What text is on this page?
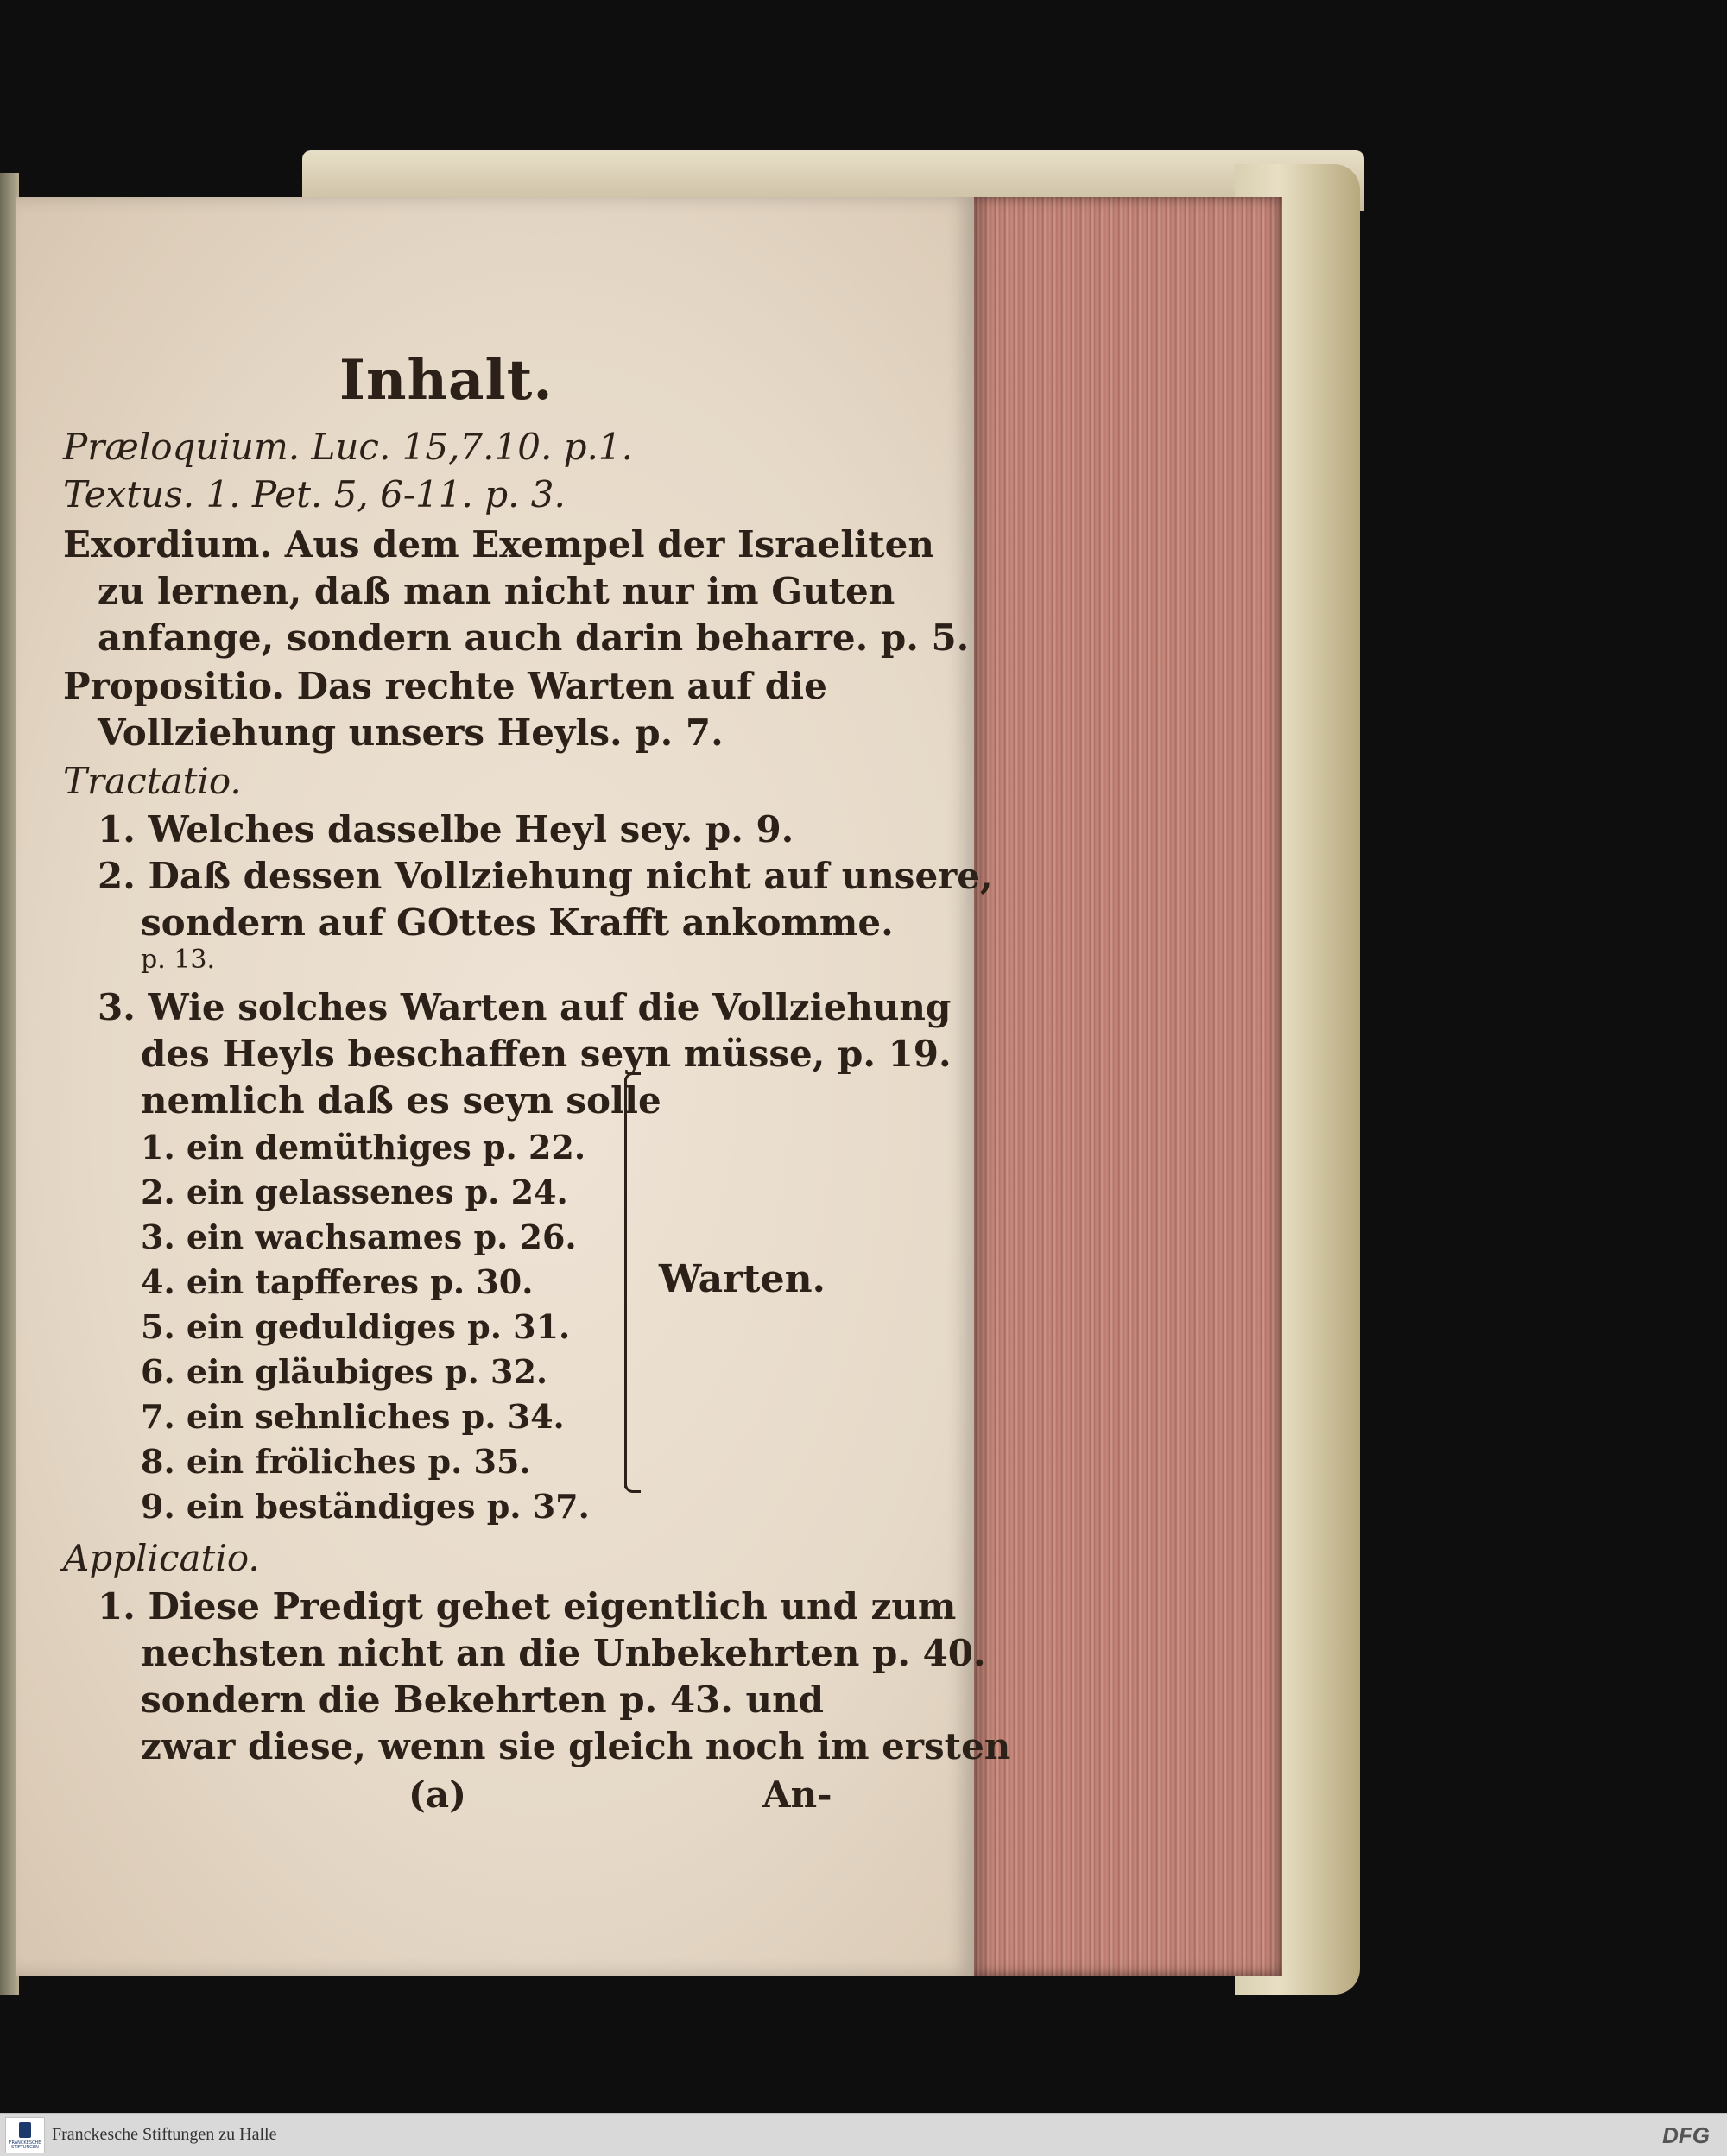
Inhalt.
Præloquium. Luc. 15,7.10. p.1.
Textus. 1. Pet. 5, 6-11. p. 3.
Exordium. Aus dem Exempel der Israeliten
zu lernen, daß man nicht nur im Guten
anfange, sondern auch darin beharre. p. 5.
Propositio. Das rechte Warten auf die
Vollziehung unsers Heyls. p. 7.
Tractatio.
1. Welches dasselbe Heyl sey. p. 9.
2. Daß dessen Vollziehung nicht auf unsere,
sondern auf GOttes Krafft ankomme.
p. 13.
3. Wie solches Warten auf die Vollziehung
des Heyls beschaffen seyn müsse, p. 19.
nemlich daß es seyn solle
1. ein demüthiges p. 22.
2. ein gelassenes p. 24.
3. ein wachsames p. 26.
4. ein tapfferes p. 30.
5. ein geduldiges p. 31.
6. ein gläubiges p. 32.
7. ein sehnliches p. 34.
8. ein fröliches p. 35.
9. ein beständiges p. 37.
Applicatio.
1. Diese Predigt gehet eigentlich und zum
nechsten nicht an die Unbekehrten p. 40.
sondern die Bekehrten p. 43. und
zwar diese, wenn sie gleich noch im ersten
(a)	An-
Warten.
FRANCKESCHE STIFTUNGEN
Franckesche Stiftungen zu Halle	DFG
